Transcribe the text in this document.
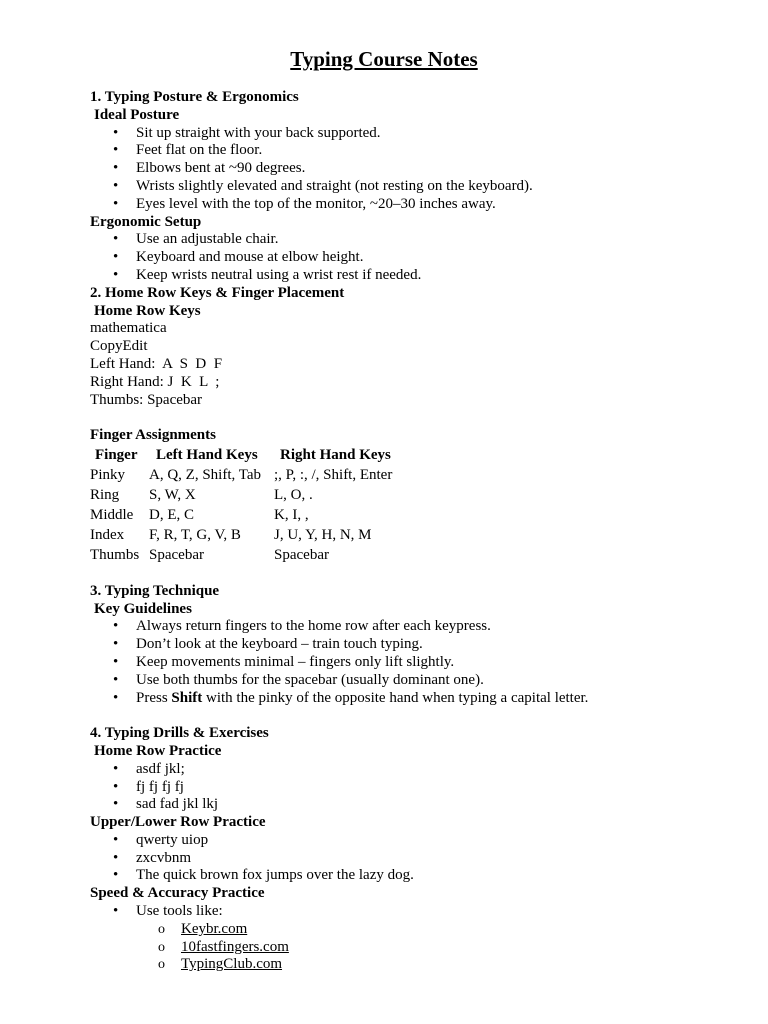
Typing Course Notes
1. Typing Posture & Ergonomics
Ideal Posture
• Sit up straight with your back supported.
• Feet flat on the floor.
• Elbows bent at ~90 degrees.
• Wrists slightly elevated and straight (not resting on the keyboard).
• Eyes level with the top of the monitor, ~20–30 inches away.
Ergonomic Setup
• Use an adjustable chair.
• Keyboard and mouse at elbow height.
• Keep wrists neutral using a wrist rest if needed.
2. Home Row Keys & Finger Placement
Home Row Keys
mathematica
CopyEdit
Left Hand:  A  S  D  F
Right Hand: J  K  L  ;
Thumbs: Spacebar
Finger Assignments
Finger	Left Hand Keys	Right Hand Keys
Pinky	A, Q, Z, Shift, Tab	;, P, :, /, Shift, Enter
Ring	S, W, X	L, O, .
Middle	D, E, C	K, I, ,
Index	F, R, T, G, V, B	J, U, Y, H, N, M
Thumbs	Spacebar	Spacebar
3. Typing Technique
Key Guidelines
• Always return fingers to the home row after each keypress.
• Don’t look at the keyboard – train touch typing.
• Keep movements minimal – fingers only lift slightly.
• Use both thumbs for the spacebar (usually dominant one).
• Press Shift with the pinky of the opposite hand when typing a capital letter.
4. Typing Drills & Exercises
Home Row Practice
• asdf jkl;
• fj fj fj fj
• sad fad jkl lkj
Upper/Lower Row Practice
• qwerty uiop
• zxcvbnm
• The quick brown fox jumps over the lazy dog.
Speed & Accuracy Practice
• Use tools like:
o Keybr.com
o 10fastfingers.com
o TypingClub.com
